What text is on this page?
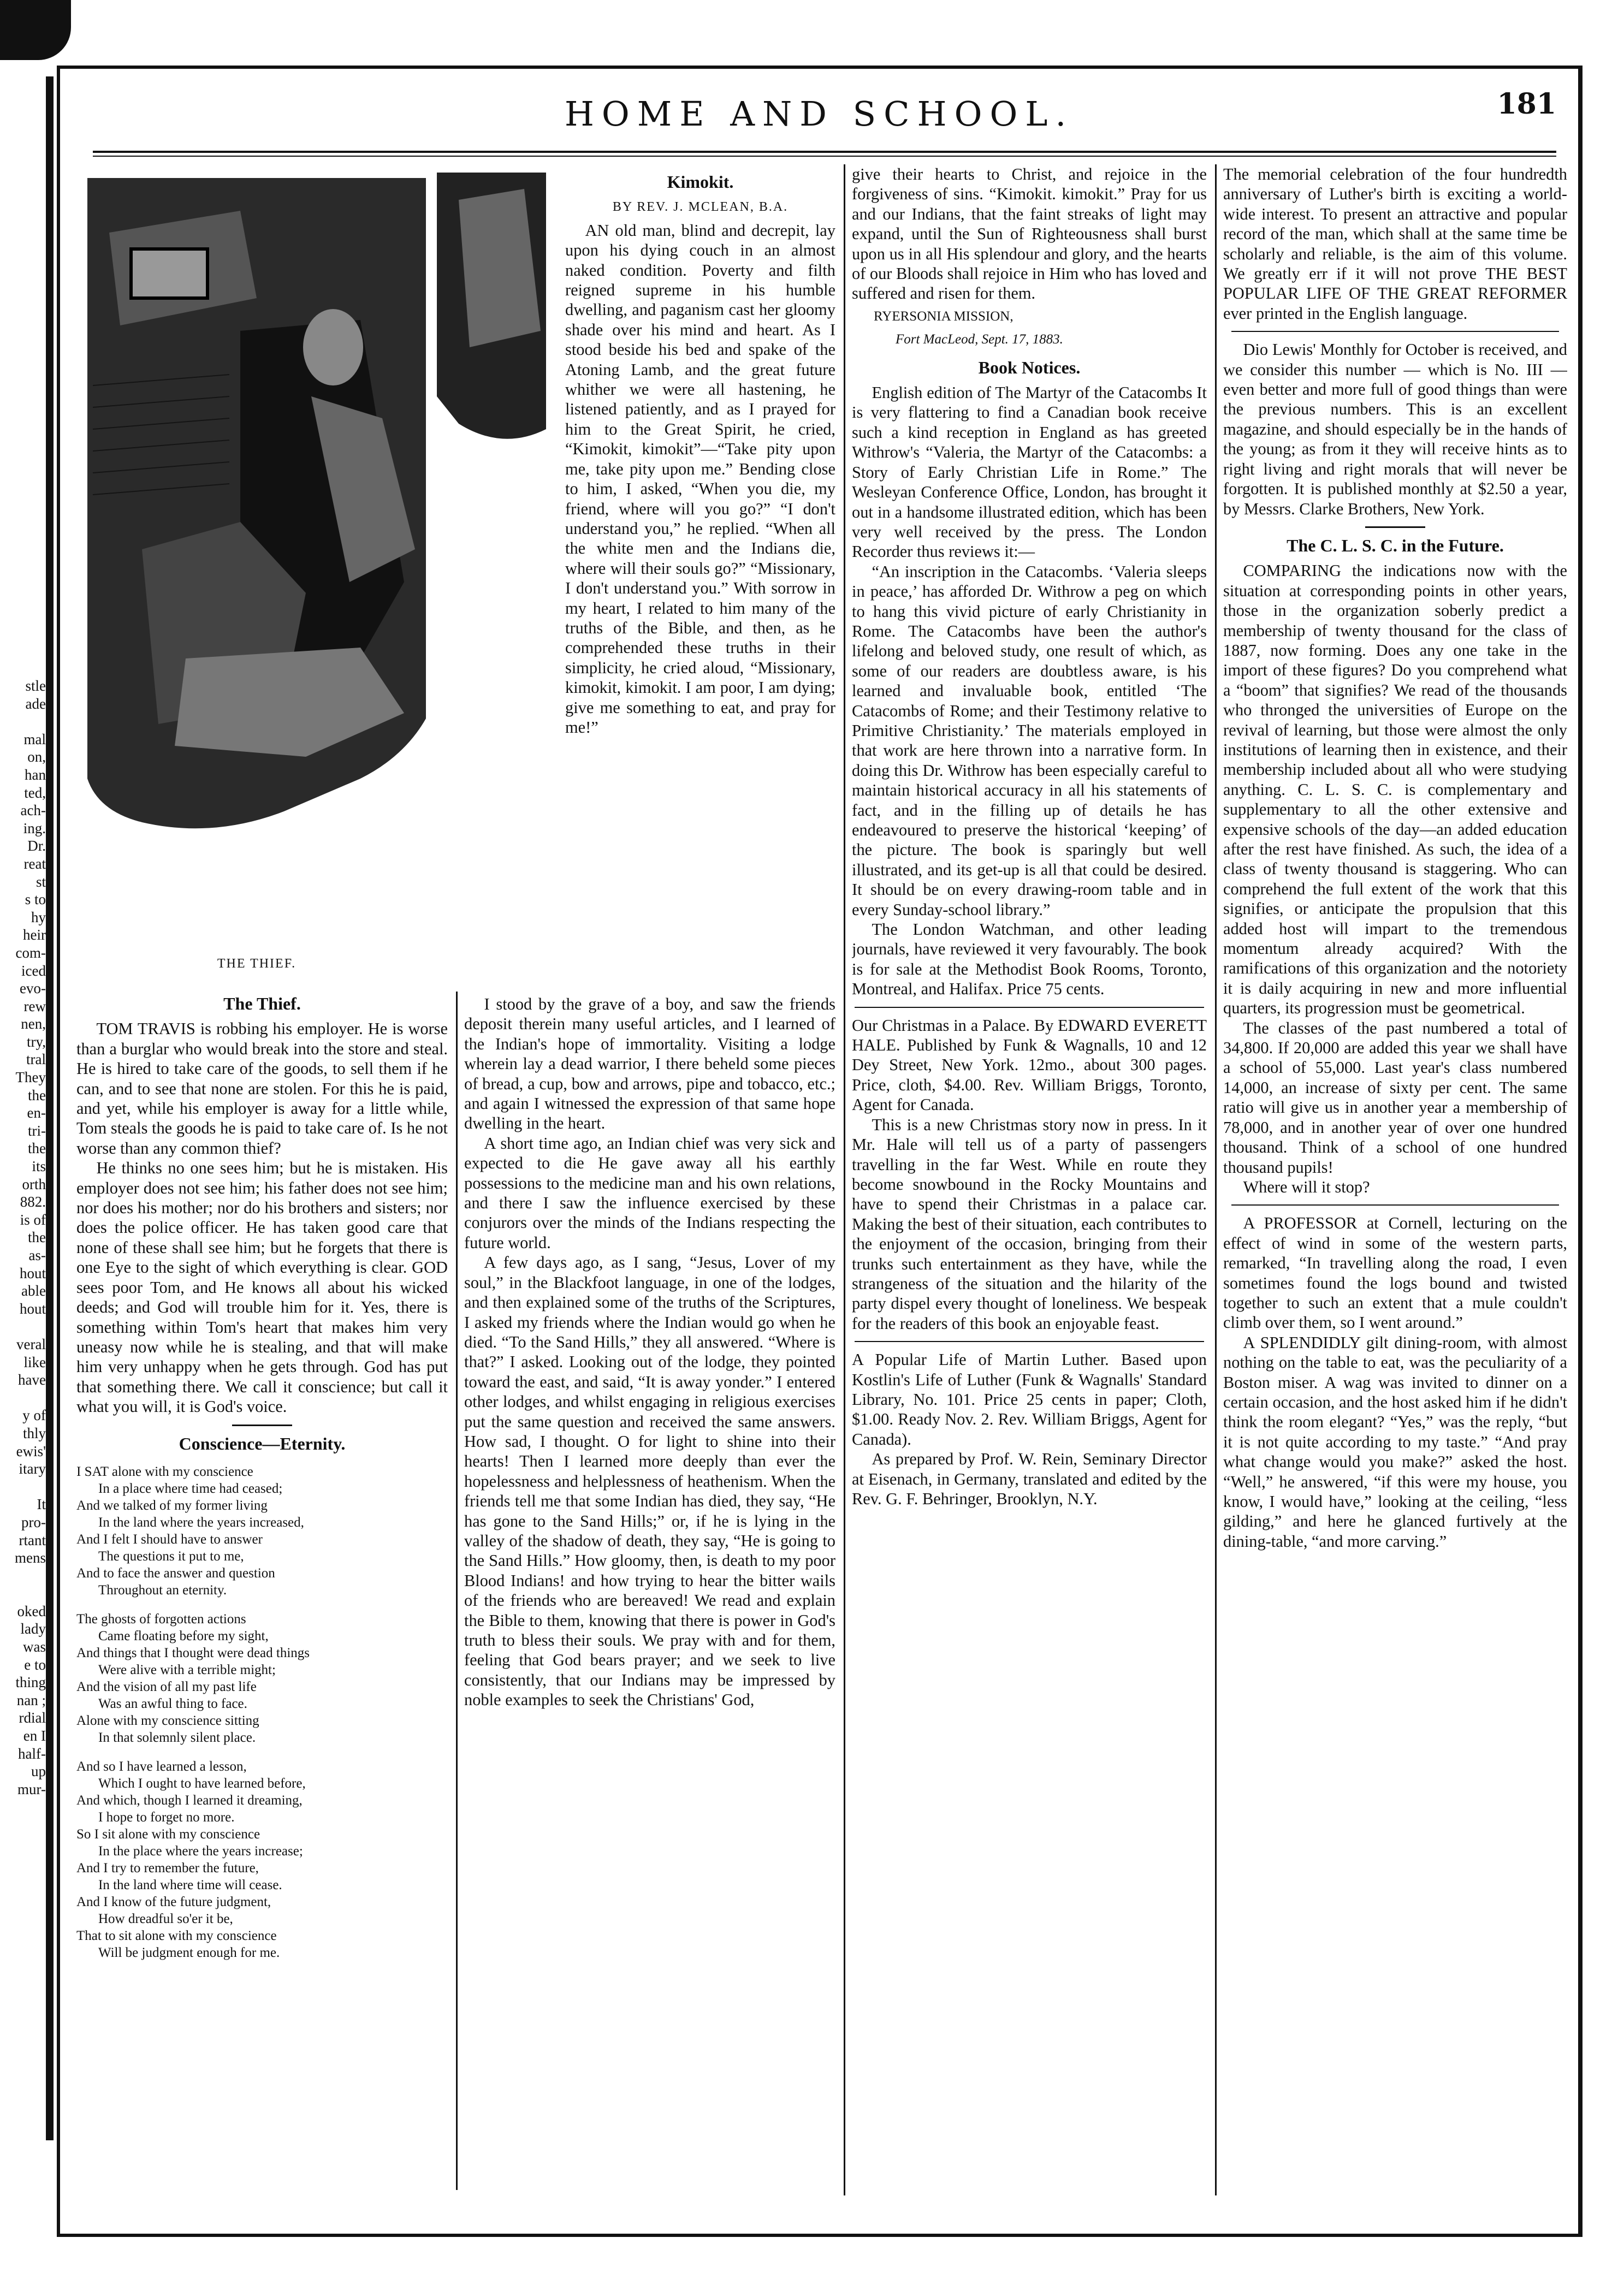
stle
ade

mal
on,
han
ted,
ach-
ing.
Dr.
reat
st
s to
hy
heir
com-
iced
evo-
rew
nen,
try,
tral
They
the
en-
tri-
the
its
orth
882.
is of
the
as-
hout
able
hout

veral
like
have

y of
thly
ewis'
itary

It
pro-
rtant
mens

oked
lady
was
e to
thing
nan ;
rdial
en I
half-
up
mur-
HOME AND SCHOOL.	181
THE THIEF.
The Thief.

TOM TRAVIS is robbing his employer. He is worse than a burglar who would break into the store and steal. He is hired to take care of the goods, to sell them if he can, and to see that none are stolen. For this he is paid, and yet, while his employer is away for a little while, Tom steals the goods he is paid to take care of. Is he not worse than any common thief?

He thinks no one sees him; but he is mistaken. His employer does not see him; his father does not see him; nor does his mother; nor do his brothers and sisters; nor does the police officer. He has taken good care that none of these shall see him; but he forgets that there is one Eye to the sight of which everything is clear. GOD sees poor Tom, and He knows all about his wicked deeds; and God will trouble him for it. Yes, there is something within Tom's heart that makes him very uneasy now while he is stealing, and that will make him very unhappy when he gets through. God has put that something there. We call it conscience; but call it what you will, it is God's voice.

Conscience—Eternity.
I SAT alone with my conscience
In a place where time had ceased;
And we talked of my former living
In the land where the years increased,
And I felt I should have to answer
The questions it put to me,
And to face the answer and question
Throughout an eternity.
The ghosts of forgotten actions
Came floating before my sight,
And things that I thought were dead things
Were alive with a terrible might;
And the vision of all my past life
Was an awful thing to face.
Alone with my conscience sitting
In that solemnly silent place.
And so I have learned a lesson,
Which I ought to have learned before,
And which, though I learned it dreaming,
I hope to forget no more.
So I sit alone with my conscience
In the place where the years increase;
And I try to remember the future,
In the land where time will cease.
And I know of the future judgment,
How dreadful so'er it be,
That to sit alone with my conscience
Will be judgment enough for me.
Kimokit.
BY REV. J. MCLEAN, B.A.

AN old man, blind and decrepit, lay upon his dying couch in an almost naked condition. Poverty and filth reigned supreme in his humble dwelling, and paganism cast her gloomy shade over his mind and heart. As I stood beside his bed and spake of the Atoning Lamb, and the great future whither we were all hastening, he listened patiently, and as I prayed for him to the Great Spirit, he cried, “Kimokit, kimokit”—“Take pity upon me, take pity upon me.” Bending close to him, I asked, “When you die, my friend, where will you go?” “I don't understand you,” he replied. “When all the white men and the Indians die, where will their souls go?” “Missionary, I don't understand you.” With sorrow in my heart, I related to him many of the truths of the Bible, and then, as he comprehended these truths in their simplicity, he cried aloud, “Missionary, kimokit, kimokit. I am poor, I am dying; give me something to eat, and pray for me!”

I stood by the grave of a boy, and saw the friends deposit therein many useful articles, and I learned of the Indian's hope of immortality. Visiting a lodge wherein lay a dead warrior, I there beheld some pieces of bread, a cup, bow and arrows, pipe and tobacco, etc.; and again I witnessed the expression of that same hope dwelling in the heart.

A short time ago, an Indian chief was very sick and expected to die He gave away all his earthly possessions to the medicine man and his own relations, and there I saw the influence exercised by these conjurors over the minds of the Indians respecting the future world.

A few days ago, as I sang, “Jesus, Lover of my soul,” in the Blackfoot language, in one of the lodges, and then explained some of the truths of the Scriptures, I asked my friends where the Indian would go when he died. “To the Sand Hills,” they all answered. “Where is that?” I asked. Looking out of the lodge, they pointed toward the east, and said, “It is away yonder.” I entered other lodges, and whilst engaging in religious exercises put the same question and received the same answers. How sad, I thought. O for light to shine into their hearts! Then I learned more deeply than ever the hopelessness and helplessness of heathenism. When the friends tell me that some Indian has died, they say, “He has gone to the Sand Hills;” or, if he is lying in the valley of the shadow of death, they say, “He is going to the Sand Hills.” How gloomy, then, is death to my poor Blood Indians! and how trying to hear the bitter wails of the friends who are bereaved! We read and explain the Bible to them, knowing that there is power in God's truth to bless their souls. We pray with and for them, feeling that God bears prayer; and we seek to live consistently, that our Indians may be impressed by noble examples to seek the Christians' God,

give their hearts to Christ, and rejoice in the forgiveness of sins. “Kimokit. kimokit.” Pray for us and our Indians, that the faint streaks of light may expand, until the Sun of Righteousness shall burst upon us in all His splendour and glory, and the hearts of our Bloods shall rejoice in Him who has loved and suffered and risen for them.

RYERSONIA MISSION,
Fort MacLeod, Sept. 17, 1883.
Book Notices.

English edition of The Martyr of the Catacombs It is very flattering to find a Canadian book receive such a kind reception in England as has greeted Withrow's “Valeria, the Martyr of the Catacombs: a Story of Early Christian Life in Rome.” The Wesleyan Conference Office, London, has brought it out in a handsome illustrated edition, which has been very well received by the press. The London Recorder thus reviews it:—

“An inscription in the Catacombs. ‘Valeria sleeps in peace,’ has afforded Dr. Withrow a peg on which to hang this vivid picture of early Christianity in Rome. The Catacombs have been the author's lifelong and beloved study, one result of which, as some of our readers are doubtless aware, is his learned and invaluable book, entitled ‘The Catacombs of Rome; and their Testimony relative to Primitive Christianity.’ The materials employed in that work are here thrown into a narrative form. In doing this Dr. Withrow has been especially careful to maintain historical accuracy in all his statements of fact, and in the filling up of details he has endeavoured to preserve the historical ‘keeping’ of the picture. The book is sparingly but well illustrated, and its get-up is all that could be desired. It should be on every drawing-room table and in every Sunday-school library.”

The London Watchman, and other leading journals, have reviewed it very favourably. The book is for sale at the Methodist Book Rooms, Toronto, Montreal, and Halifax. Price 75 cents.

Our Christmas in a Palace. By EDWARD EVERETT HALE. Published by Funk & Wagnalls, 10 and 12 Dey Street, New York. 12mo., about 300 pages. Price, cloth, $4.00. Rev. William Briggs, Toronto, Agent for Canada.

This is a new Christmas story now in press. In it Mr. Hale will tell us of a party of passengers travelling in the far West. While en route they become snowbound in the Rocky Mountains and have to spend their Christmas in a palace car. Making the best of their situation, each contributes to the enjoyment of the occasion, bringing from their trunks such entertainment as they have, while the strangeness of the situation and the hilarity of the party dispel every thought of loneliness. We bespeak for the readers of this book an enjoyable feast.

A Popular Life of Martin Luther. Based upon Kostlin's Life of Luther (Funk & Wagnalls' Standard Library, No. 101. Price 25 cents in paper; Cloth, $1.00. Ready Nov. 2. Rev. William Briggs, Agent for Canada).

As prepared by Prof. W. Rein, Seminary Director at Eisenach, in Germany, translated and edited by the Rev. G. F. Behringer, Brooklyn, N.Y.

The memorial celebration of the four hundredth anniversary of Luther's birth is exciting a world-wide interest. To present an attractive and popular record of the man, which shall at the same time be scholarly and reliable, is the aim of this volume. We greatly err if it will not prove THE BEST POPULAR LIFE OF THE GREAT REFORMER ever printed in the English language.

Dio Lewis' Monthly for October is received, and we consider this number — which is No. III — even better and more full of good things than were the previous numbers. This is an excellent magazine, and should especially be in the hands of the young; as from it they will receive hints as to right living and right morals that will never be forgotten. It is published monthly at $2.50 a year, by Messrs. Clarke Brothers, New York.

The C. L. S. C. in the Future.

COMPARING the indications now with the situation at corresponding points in other years, those in the organization soberly predict a membership of twenty thousand for the class of 1887, now forming. Does any one take in the import of these figures? Do you comprehend what a “boom” that signifies? We read of the thousands who thronged the universities of Europe on the revival of learning, but those were almost the only institutions of learning then in existence, and their membership included about all who were studying anything. C. L. S. C. is complementary and supplementary to all the other extensive and expensive schools of the day—an added education after the rest have finished. As such, the idea of a class of twenty thousand is staggering. Who can comprehend the full extent of the work that this signifies, or anticipate the propulsion that this added host will impart to the tremendous momentum already acquired? With the ramifications of this organization and the notoriety it is daily acquiring in new and more influential quarters, its progression must be geometrical.

The classes of the past numbered a total of 34,800. If 20,000 are added this year we shall have a school of 55,000. Last year's class numbered 14,000, an increase of sixty per cent. The same ratio will give us in another year a membership of 78,000, and in another year of over one hundred thousand. Think of a school of one hundred thousand pupils!

Where will it stop?

A PROFESSOR at Cornell, lecturing on the effect of wind in some of the western parts, remarked, “In travelling along the road, I even sometimes found the logs bound and twisted together to such an extent that a mule couldn't climb over them, so I went around.”

A SPLENDIDLY gilt dining-room, with almost nothing on the table to eat, was the peculiarity of a Boston miser. A wag was invited to dinner on a certain occasion, and the host asked him if he didn't think the room elegant? “Yes,” was the reply, “but it is not quite according to my taste.” “And pray what change would you make?” asked the host. “Well,” he answered, “if this were my house, you know, I would have,” looking at the ceiling, “less gilding,” and here he glanced furtively at the dining-table, “and more carving.”
